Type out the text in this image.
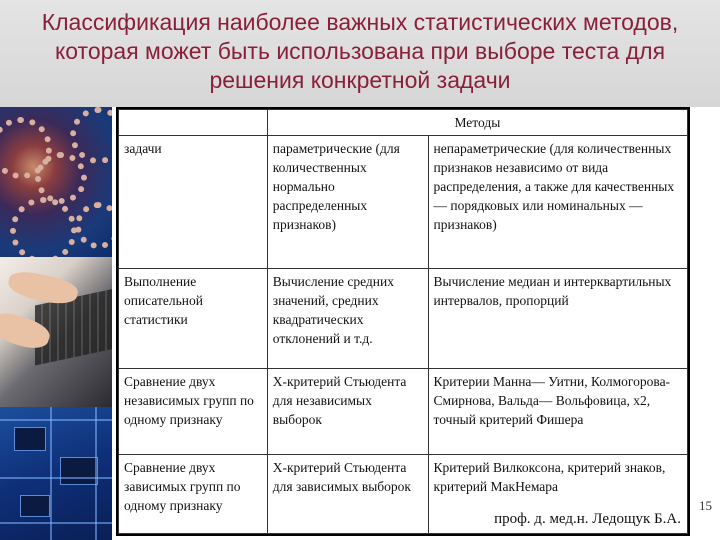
Классификация наиболее важных статистических методов,
которая может быть использована при выборе теста для
решения конкретной задачи
	Методы	
задачи	параметрические (для количественных нормально распределенных признаков)	непараметрические (для количественных признаков независимо от вида распределения, а также для качественных — порядковых или номинальных — признаков)
Выполнение описательной статистики	Вычисление средних значений, средних квадратических отклонений и т.д.	Вычисление медиан и интерквартильных интервалов, пропорций
Сравнение двух независимых групп по одному признаку	Х-критерий Стьюдента для независимых выборок	Критерии Манна— Уитни, Колмогорова-Смирнова, Вальда— Вольфовица, х2, точный критерий Фишера
Сравнение двух зависимых групп по одному признаку	Х-критерий Стьюдента для зависимых выборок	Критерий Вилкоксона, критерий знаков, критерий МакНемара
проф. д. мед.н. Ледощук Б.А.
15
